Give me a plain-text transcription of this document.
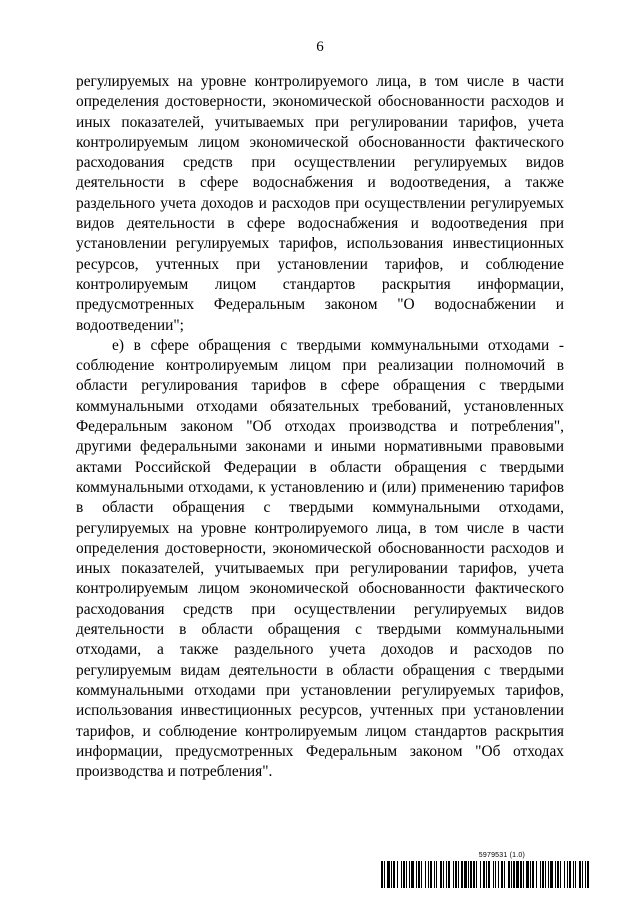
6

регулируемых на уровне контролируемого лица, в том числе в части определения достоверности, экономической обоснованности расходов и иных показателей, учитываемых при регулировании тарифов, учета контролируемым лицом экономической обоснованности фактического расходования средств при осуществлении регулируемых видов деятельности в сфере водоснабжения и водоотведения, а также раздельного учета доходов и расходов при осуществлении регулируемых видов деятельности в сфере водоснабжения и водоотведения при установлении регулируемых тарифов, использования инвестиционных ресурсов, учтенных при установлении тарифов, и соблюдение контролируемым лицом стандартов раскрытия информации, предусмотренных Федеральным законом "О водоснабжении и водоотведении";

е) в сфере обращения с твердыми коммунальными отходами - соблюдение контролируемым лицом при реализации полномочий в области регулирования тарифов в сфере обращения с твердыми коммунальными отходами обязательных требований, установленных Федеральным законом "Об отходах производства и потребления", другими федеральными законами и иными нормативными правовыми актами Российской Федерации в области обращения с твердыми коммунальными отходами, к установлению и (или) применению тарифов в области обращения с твердыми коммунальными отходами, регулируемых на уровне контролируемого лица, в том числе в части определения достоверности, экономической обоснованности расходов и иных показателей, учитываемых при регулировании тарифов, учета контролируемым лицом экономической обоснованности фактического расходования средств при осуществлении регулируемых видов деятельности в области обращения с твердыми коммунальными отходами, а также раздельного учета доходов и расходов по регулируемым видам деятельности в области обращения с твердыми коммунальными отходами при установлении регулируемых тарифов, использования инвестиционных ресурсов, учтенных при установлении тарифов, и соблюдение контролируемым лицом стандартов раскрытия информации, предусмотренных Федеральным законом "Об отходах производства и потребления".

5979531 (1.0)
